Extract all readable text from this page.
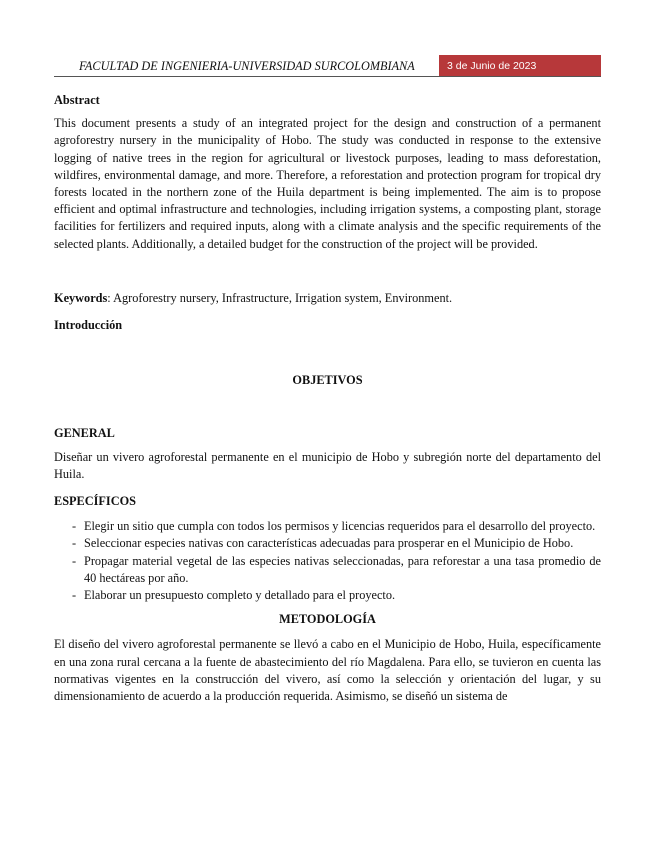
FACULTAD DE INGENIERIA-UNIVERSIDAD SURCOLOMBIANA	3 de Junio de 2023

Abstract

This document presents a study of an integrated project for the design and construction of a permanent agroforestry nursery in the municipality of Hobo. The study was conducted in response to the extensive logging of native trees in the region for agricultural or livestock purposes, leading to mass deforestation, wildfires, environmental damage, and more. Therefore, a reforestation and protection program for tropical dry forests located in the northern zone of the Huila department is being implemented. The aim is to propose efficient and optimal infrastructure and technologies, including irrigation systems, a composting plant, storage facilities for fertilizers and required inputs, along with a climate analysis and the specific requirements of the selected plants. Additionally, a detailed budget for the construction of the project will be provided.

Keywords: Agroforestry nursery, Infrastructure, Irrigation system, Environment.

Introducción

OBJETIVOS

GENERAL

Diseñar un vivero agroforestal permanente en el municipio de Hobo y subregión norte del departamento del Huila.

ESPECÍFICOS

- Elegir un sitio que cumpla con todos los permisos y licencias requeridos para el desarrollo del proyecto.
- Seleccionar especies nativas con características adecuadas para prosperar en el Municipio de Hobo.
- Propagar material vegetal de las especies nativas seleccionadas, para reforestar a una tasa promedio de 40 hectáreas por año.
- Elaborar un presupuesto completo y detallado para el proyecto.

METODOLOGÍA

El diseño del vivero agroforestal permanente se llevó a cabo en el Municipio de Hobo, Huila, específicamente en una zona rural cercana a la fuente de abastecimiento del río Magdalena. Para ello, se tuvieron en cuenta las normativas vigentes en la construcción del vivero, así como la selección y orientación del lugar, y su dimensionamiento de acuerdo a la producción requerida. Asimismo, se diseñó un sistema de
